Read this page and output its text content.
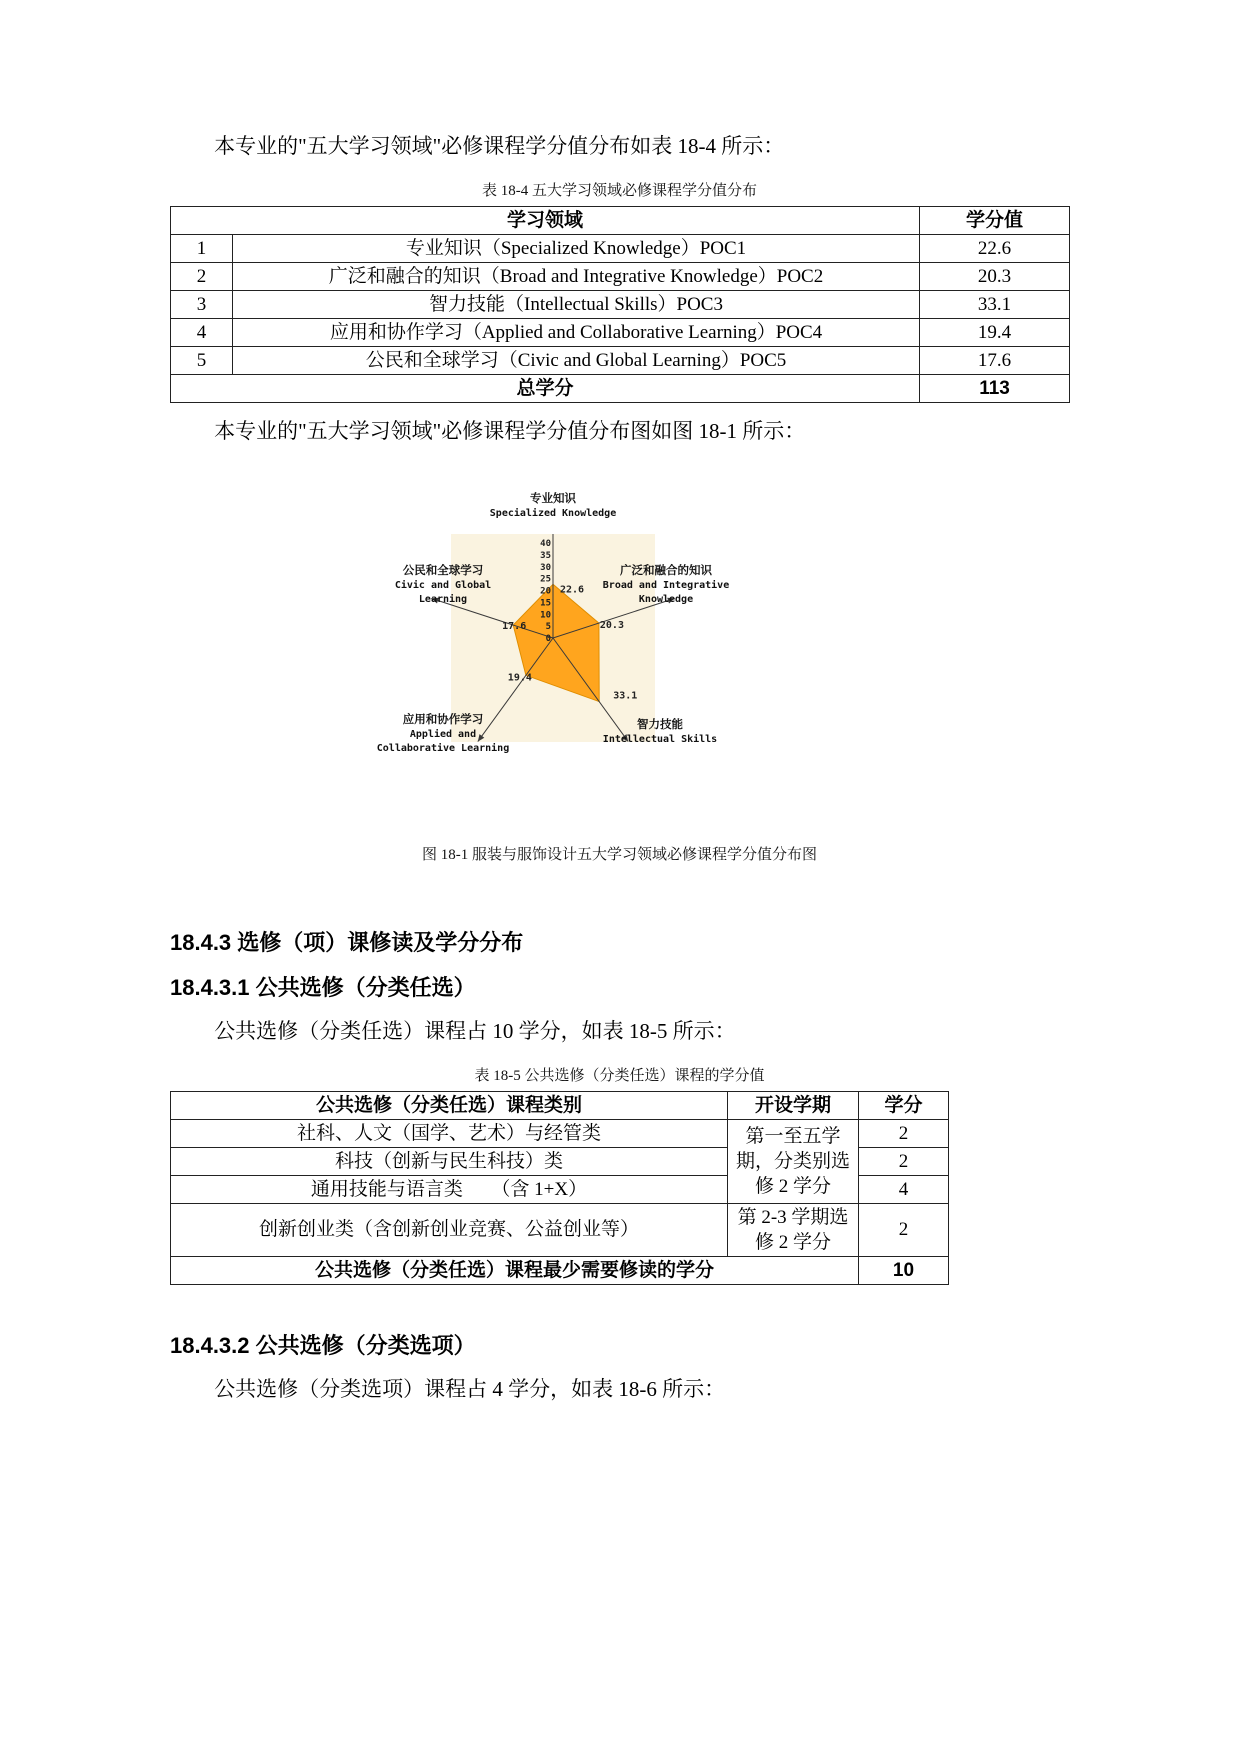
本专业的"五大学习领域"必修课程学分值分布如表 18-4 所示：

表 18-4 五大学习领域必修课程学分值分布
学习领域		学分值
1	专业知识（Specialized Knowledge）POC1	22.6
2	广泛和融合的知识（Broad and Integrative Knowledge）POC2	20.3
3	智力技能（Intellectual Skills）POC3	33.1
4	应用和协作学习（Applied and Collaborative Learning）POC4	19.4
5	公民和全球学习（Civic and Global Learning）POC5	17.6
总学分		113

本专业的"五大学习领域"必修课程学分值分布图如图 18-1 所示：

0
5
10
15
20
25
30
35
40
22.6
20.3
33.1
19.4
17.6
专业知识
Specialized Knowledge
广泛和融合的知识
Broad and Integrative
Knowledge
智力技能
Intellectual Skills
应用和协作学习
Applied and
Collaborative Learning
公民和全球学习
Civic and Global
Learning
图 18-1 服装与服饰设计五大学习领域必修课程学分值分布图
18.4.3 选修（项）课修读及学分分布
18.4.3.1 公共选修（分类任选）

公共选修（分类任选）课程占 10 学分，如表 18-5 所示：

表 18-5 公共选修（分类任选）课程的学分值
公共选修（分类任选）课程类别	开设学期	学分
社科、人文（国学、艺术）与经管类	第一至五学期，分类别选修 2 学分	2
科技（创新与民生科技）类		2
通用技能与语言类　　（含 1+X）		4
创新创业类（含创新创业竞赛、公益创业等）	第 2-3 学期选修 2 学分	2
公共选修（分类任选）课程最少需要修读的学分		10
18.4.3.2 公共选修（分类选项）

公共选修（分类选项）课程占 4 学分，如表 18-6 所示：
